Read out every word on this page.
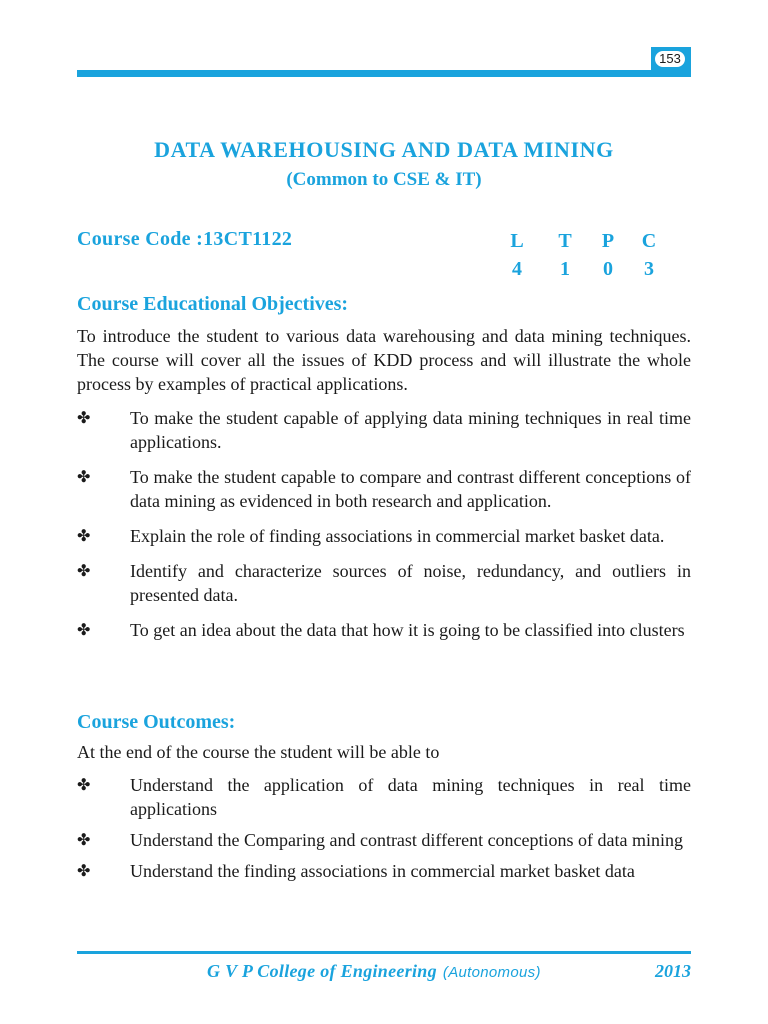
153
DATA WAREHOUSING AND DATA MINING
(Common to CSE & IT)
Course Code :13CT1122	L T P C
4	1	0	3
Course Educational Objectives:
To introduce the student to various data warehousing and data mining techniques. The course will cover all the issues of KDD process and will illustrate the whole process by examples of practical applications.
✤ To make the student capable of applying data mining techniques in real time applications.
✤ To make the student capable to compare and contrast different conceptions of data mining as evidenced in both research and application.
✤ Explain the role of finding associations in commercial market basket data.
✤ Identify and characterize sources of noise, redundancy, and outliers in presented data.
✤ To get an idea about the data that how it is going to be classified into clusters
Course Outcomes:
At the end of the course the student will be able to
✤ Understand the application of data mining techniques in real time applications
✤ Understand the Comparing and contrast different conceptions of data mining
✤ Understand the finding associations in commercial market basket data
G V P College of Engineering (Autonomous)	2013
